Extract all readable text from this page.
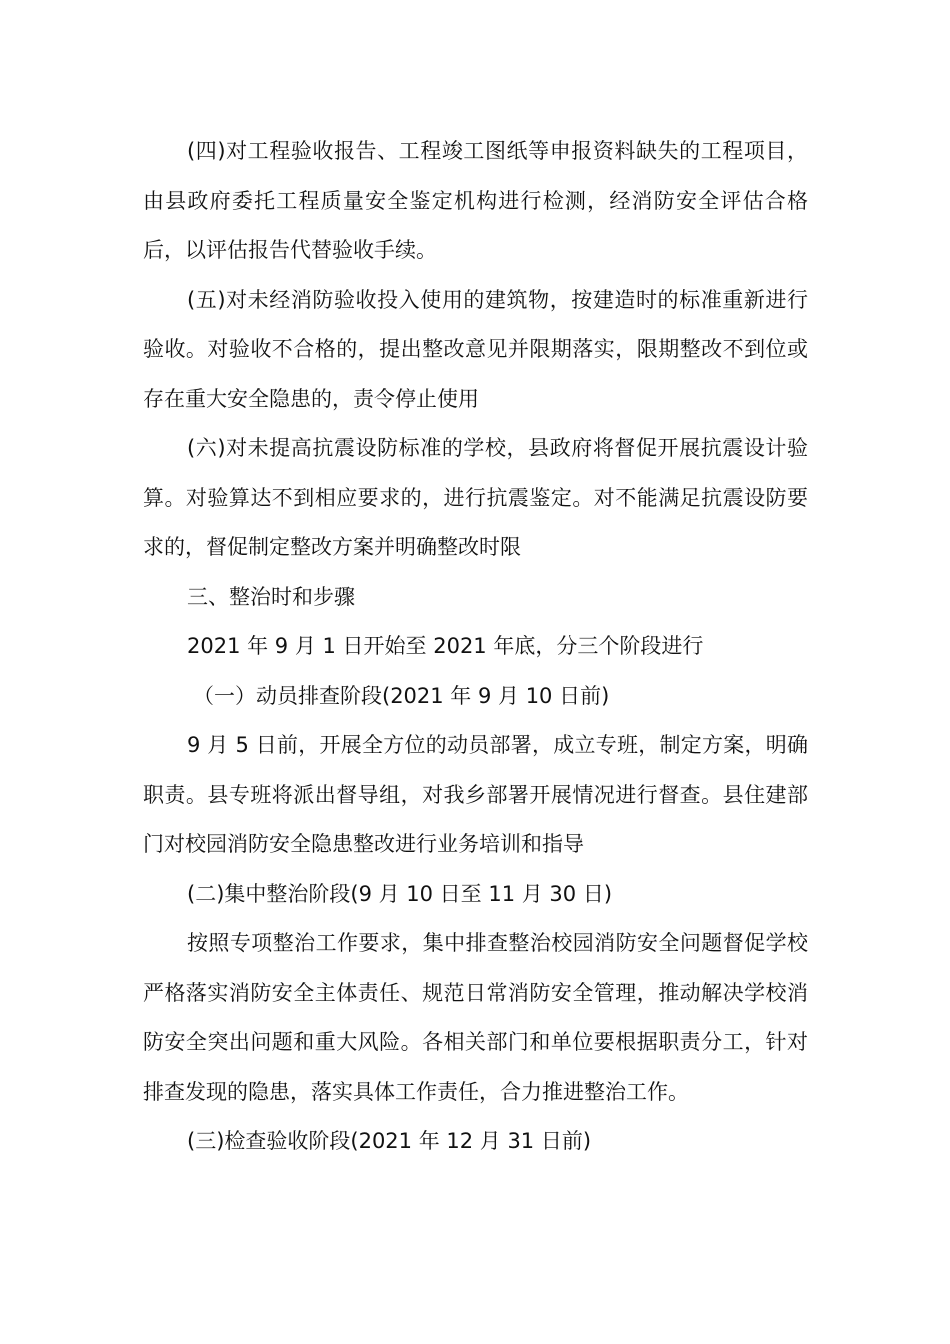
(四)对工程验收报告、工程竣工图纸等申报资料缺失的工程项目，由县政府委托工程质量安全鉴定机构进行检测，经消防安全评估合格后，以评估报告代替验收手续。

(五)对未经消防验收投入使用的建筑物，按建造时的标准重新进行验收。对验收不合格的，提出整改意见并限期落实，限期整改不到位或存在重大安全隐患的，责令停止使用

(六)对未提高抗震设防标准的学校，县政府将督促开展抗震设计验算。对验算达不到相应要求的，进行抗震鉴定。对不能满足抗震设防要求的，督促制定整改方案并明确整改时限

三、整治时和步骤

2021 年 9 月 1 日开始至 2021 年底，分三个阶段进行

（一）动员排查阶段(2021 年 9 月 10 日前)

9 月 5 日前，开展全方位的动员部署，成立专班，制定方案，明确职责。县专班将派出督导组，对我乡部署开展情况进行督查。县住建部门对校园消防安全隐患整改进行业务培训和指导

(二)集中整治阶段(9 月 10 日至 11 月 30 日)

按照专项整治工作要求，集中排查整治校园消防安全问题督促学校严格落实消防安全主体责任、规范日常消防安全管理，推动解决学校消防安全突出问题和重大风险。各相关部门和单位要根据职责分工，针对排查发现的隐患，落实具体工作责任，合力推进整治工作。

(三)检查验收阶段(2021 年 12 月 31 日前)
